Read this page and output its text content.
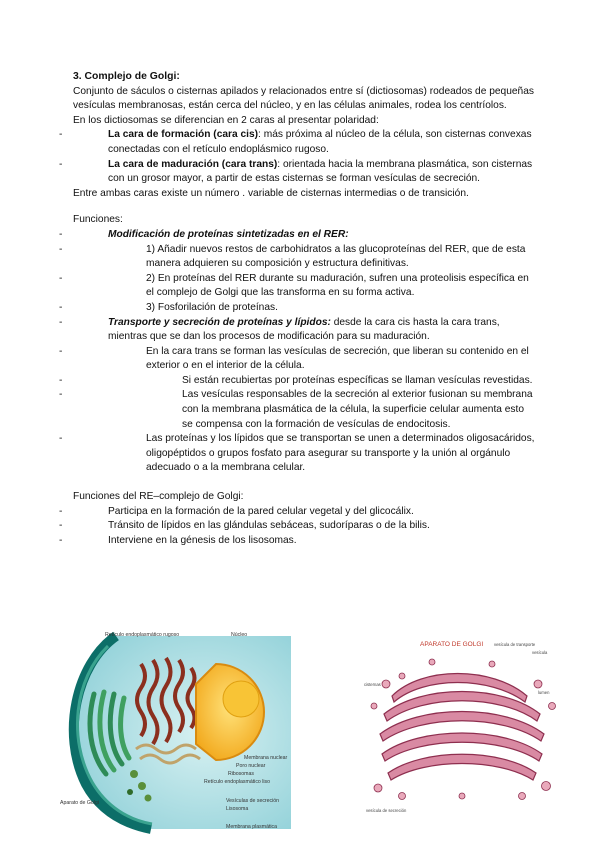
3. Complejo de Golgi:

Conjunto de sáculos o cisternas apilados y relacionados entre sí (dictiosomas) rodeados de pequeñas vesículas membranosas, están cerca del núcleo, y en las células animales, rodea los centríolos.

En los dictiosomas se diferencian en 2 caras al presentar polaridad:

-	La cara de formación (cara cis): más próxima al núcleo de la célula, son cisternas convexas conectadas con el retículo endoplásmico rugoso.
-	La cara de maduración (cara trans): orientada hacia la membrana plasmática, son cisternas con un grosor mayor, a partir de estas cisternas se forman vesículas de secreción.

Entre ambas caras existe un número . variable de cisternas intermedias o de transición.

Funciones:

-	Modificación de proteínas sintetizadas en el RER:
-	1) Añadir nuevos restos de carbohidratos a las glucoproteínas del RER, que de esta manera adquieren su composición y estructura definitivas.
-	2) En proteínas del RER durante su maduración, sufren una proteolisis específica en el complejo de Golgi que las transforma en su forma activa.
-	3) Fosforilación de proteínas.
-	Transporte y secreción de proteínas y lípidos: desde la cara cis hasta la cara trans, mientras que se dan los procesos de modificación para su maduración.
-	En la cara trans se forman las vesículas de secreción, que liberan su contenido en el exterior o en el interior de la célula.
-	Si están recubiertas por proteínas específicas se llaman vesículas revestidas.
-	Las vesículas responsables de la secreción al exterior fusionan su membrana con la membrana plasmática de la célula, la superficie celular aumenta esto se compensa con la formación de vesículas de endocitosis.
-	Las proteínas y los lípidos que se transportan se unen a determinados oligosacáridos, oligopéptidos o grupos fosfato para asegurar su transporte y la unión al orgánulo adecuado o a la membrana celular.

Funciones del RE–complejo de Golgi:

-	Participa en la formación de la pared celular vegetal y del glicocálix.
-	Tránsito de lípidos en las glándulas sebáceas, sudoríparas o de la bilis.
-	Interviene en la génesis de los lisosomas.
Retículo endoplasmático rugoso	Núcleo
Membrana nuclear
Poro nuclear
Ribosomas
Retículo endoplasmático liso
Vesículas de secreción
Lisosoma
Membrana plasmática
Aparato de Golgi
APARATO DE GOLGI	vesícula de transporte
vesícula
cisternas
lumen
vesícula de secreción
